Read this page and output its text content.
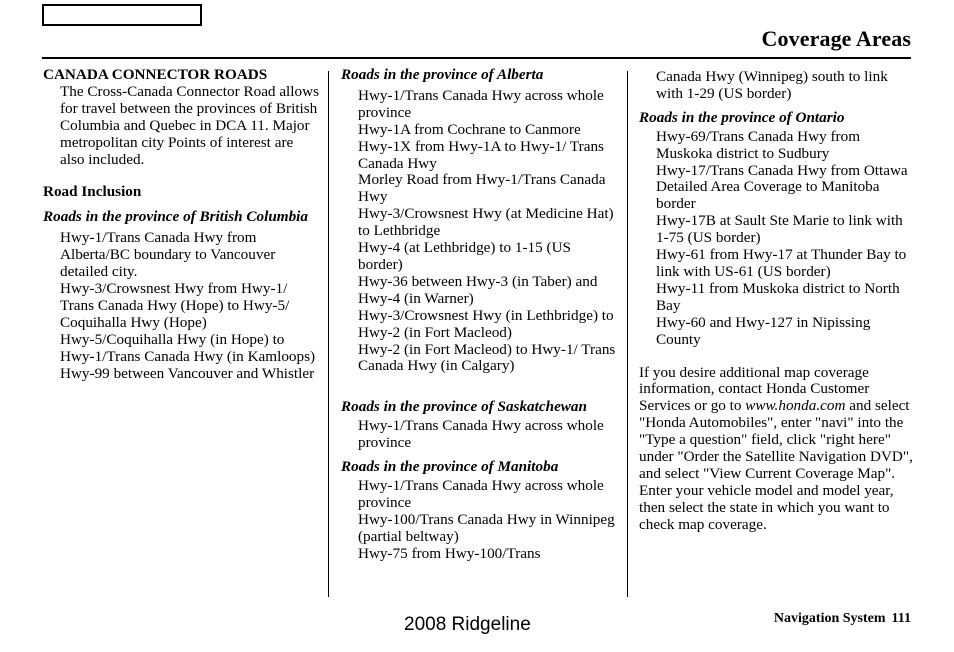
Coverage Areas

CANADA CONNECTOR ROADS

The Cross-Canada Connector Road allows for travel between the provinces of British Columbia and Quebec in DCA 11. Major metropolitan city Points of interest are also included.

Road Inclusion

Roads in the province of British Columbia

Hwy-1/Trans Canada Hwy from Alberta/BC boundary to Vancouver detailed city.

Hwy-3/Crowsnest Hwy from Hwy-1/ Trans Canada Hwy (Hope) to Hwy-5/ Coquihalla Hwy (Hope)

Hwy-5/Coquihalla Hwy (in Hope) to Hwy-1/Trans Canada Hwy (in Kamloops)

Hwy-99 between Vancouver and Whistler

Roads in the province of Alberta

Hwy-1/Trans Canada Hwy across whole province

Hwy-1A from Cochrane to Canmore

Hwy-1X from Hwy-1A to Hwy-1/ Trans Canada Hwy

Morley Road from Hwy-1/Trans Canada Hwy

Hwy-3/Crowsnest Hwy (at Medicine Hat) to Lethbridge

Hwy-4 (at Lethbridge) to 1-15 (US border)

Hwy-36 between Hwy-3 (in Taber) and Hwy-4 (in Warner)

Hwy-3/Crowsnest Hwy (in Lethbridge) to Hwy-2 (in Fort Macleod)

Hwy-2 (in Fort Macleod) to Hwy-1/ Trans Canada Hwy (in Calgary)

Roads in the province of Saskatchewan

Hwy-1/Trans Canada Hwy across whole province

Roads in the province of Manitoba

Hwy-1/Trans Canada Hwy across whole province

Hwy-100/Trans Canada Hwy in Winnipeg (partial beltway)

Hwy-75 from Hwy-100/Trans

Canada Hwy (Winnipeg) south to link with 1-29 (US border)

Roads in the province of Ontario

Hwy-69/Trans Canada Hwy from Muskoka district to Sudbury

Hwy-17/Trans Canada Hwy from Ottawa Detailed Area Coverage to Manitoba border

Hwy-17B at Sault Ste Marie to link with 1-75 (US border)

Hwy-61 from Hwy-17 at Thunder Bay to link with US-61 (US border)

Hwy-11 from Muskoka district to North Bay

Hwy-60 and Hwy-127 in Nipissing County

If you desire additional map coverage information, contact Honda Customer Services or go to www.honda.com and select "Honda Automobiles", enter "navi" into the "Type a question" field, click "right here" under "Order the Satellite Navigation DVD", and select "View Current Coverage Map". Enter your vehicle model and model year, then select the state in which you want to check map coverage.

2008 Ridgeline	Navigation System 111
